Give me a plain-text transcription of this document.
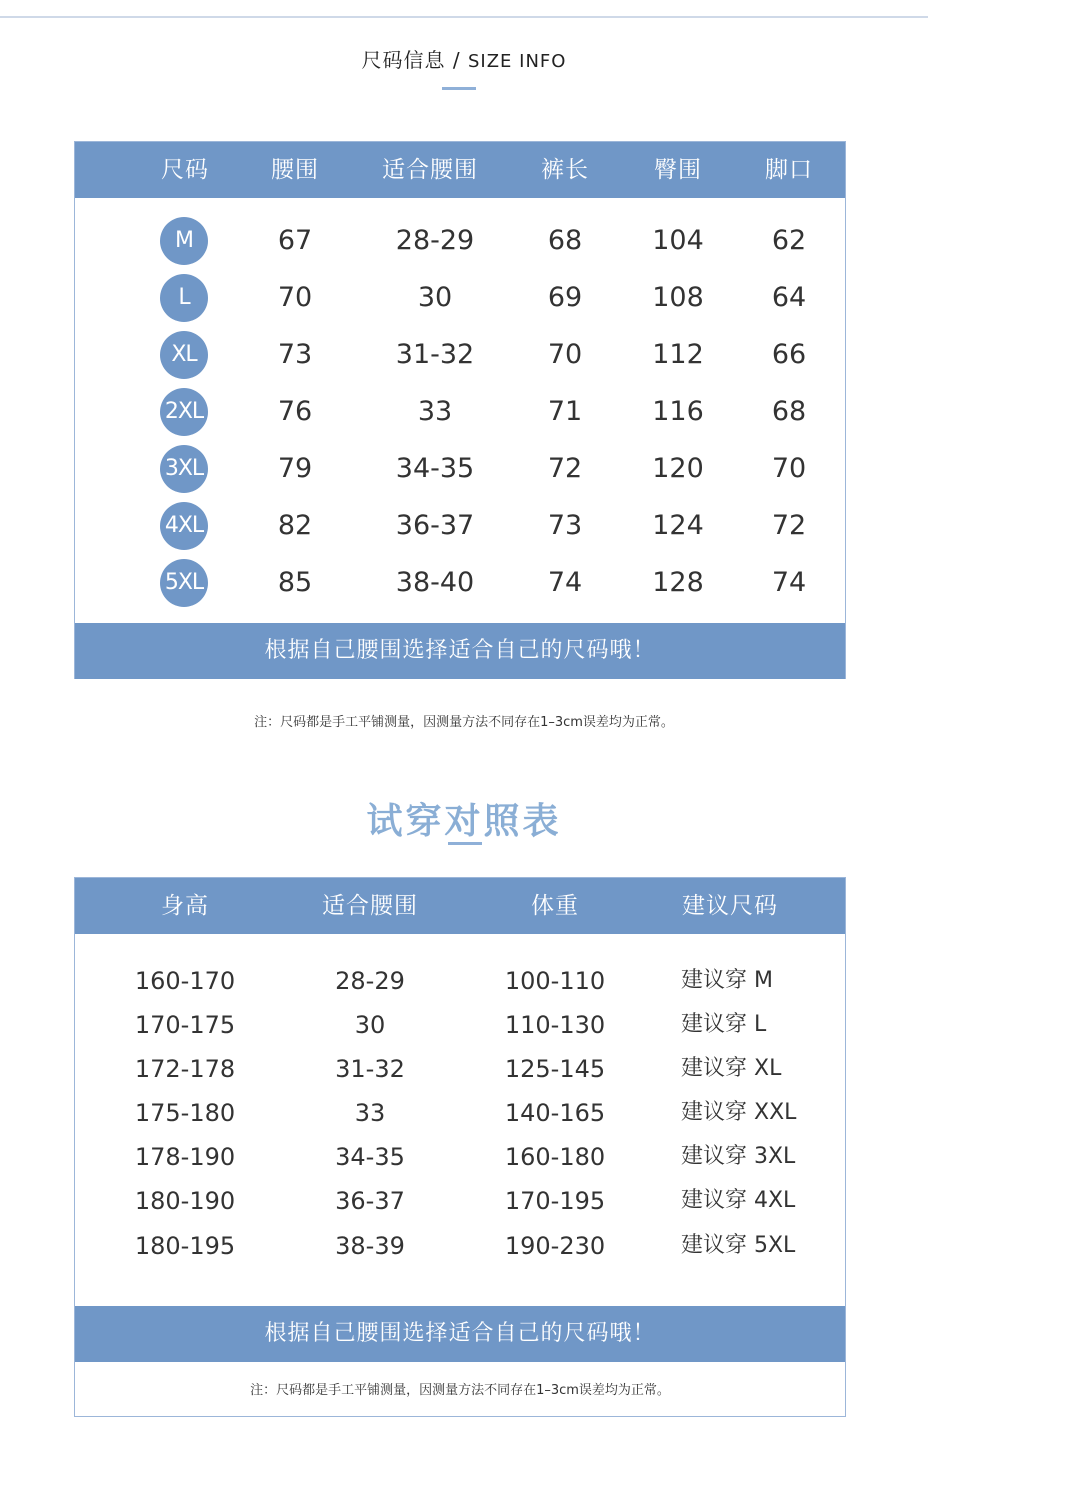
尺码信息 / SIZE INFO
尺码	腰围	适合腰围	裤长	臀围	脚口
M	67	28-29	68	104	62
L	70	30	69	108	64
XL	73	31-32	70	112	66
2XL	76	33	71	116	68
3XL	79	34-35	72	120	70
4XL	82	36-37	73	124	72
5XL	85	38-40	74	128	74
根据自己腰围选择适合自己的尺码哦！
注：尺码都是手工平铺测量，因测量方法不同存在1–3cm误差均为正常。
试穿对照表
身高	适合腰围	体重	建议尺码
160-170	28-29	100-110	建议穿 M
170-175	30	110-130	建议穿 L
172-178	31-32	125-145	建议穿 XL
175-180	33	140-165	建议穿 XXL
178-190	34-35	160-180	建议穿 3XL
180-190	36-37	170-195	建议穿 4XL
180-195	38-39	190-230	建议穿 5XL
根据自己腰围选择适合自己的尺码哦！
注：尺码都是手工平铺测量，因测量方法不同存在1–3cm误差均为正常。
